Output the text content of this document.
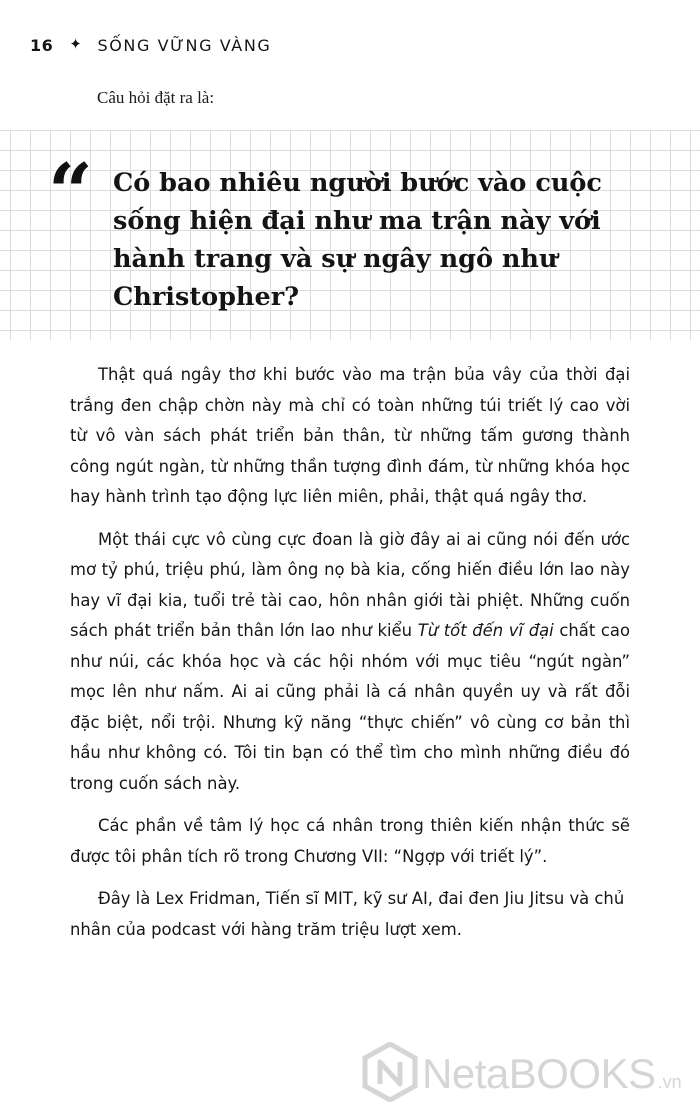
16 ✦ SỐNG VỮNG VÀNG
Câu hỏi đặt ra là:
“ Có bao nhiêu người bước vào cuộc sống hiện đại như ma trận này với hành trang và sự ngây ngô như Christopher?

Thật quá ngây thơ khi bước vào ma trận bủa vây của thời đại trắng đen chập chờn này mà chỉ có toàn những túi triết lý cao vời từ vô vàn sách phát triển bản thân, từ những tấm gương thành công ngút ngàn, từ những thần tượng đình đám, từ những khóa học hay hành trình tạo động lực liên miên, phải, thật quá ngây thơ.

Một thái cực vô cùng cực đoan là giờ đây ai ai cũng nói đến ước mơ tỷ phú, triệu phú, làm ông nọ bà kia, cống hiến điều lớn lao này hay vĩ đại kia, tuổi trẻ tài cao, hôn nhân giới tài phiệt. Những cuốn sách phát triển bản thân lớn lao như kiểu Từ tốt đến vĩ đại chất cao như núi, các khóa học và các hội nhóm với mục tiêu “ngút ngàn” mọc lên như nấm. Ai ai cũng phải là cá nhân quyền uy và rất đỗi đặc biệt, nổi trội. Nhưng kỹ năng “thực chiến” vô cùng cơ bản thì hầu như không có. Tôi tin bạn có thể tìm cho mình những điều đó trong cuốn sách này.

Các phần về tâm lý học cá nhân trong thiên kiến nhận thức sẽ được tôi phân tích rõ trong Chương VII: “Ngợp với triết lý”.

Đây là Lex Fridman, Tiến sĩ MIT, kỹ sư AI, đai đen Jiu Jitsu và chủ nhân của podcast với hàng trăm triệu lượt xem.

NetaBOOKS .vn
